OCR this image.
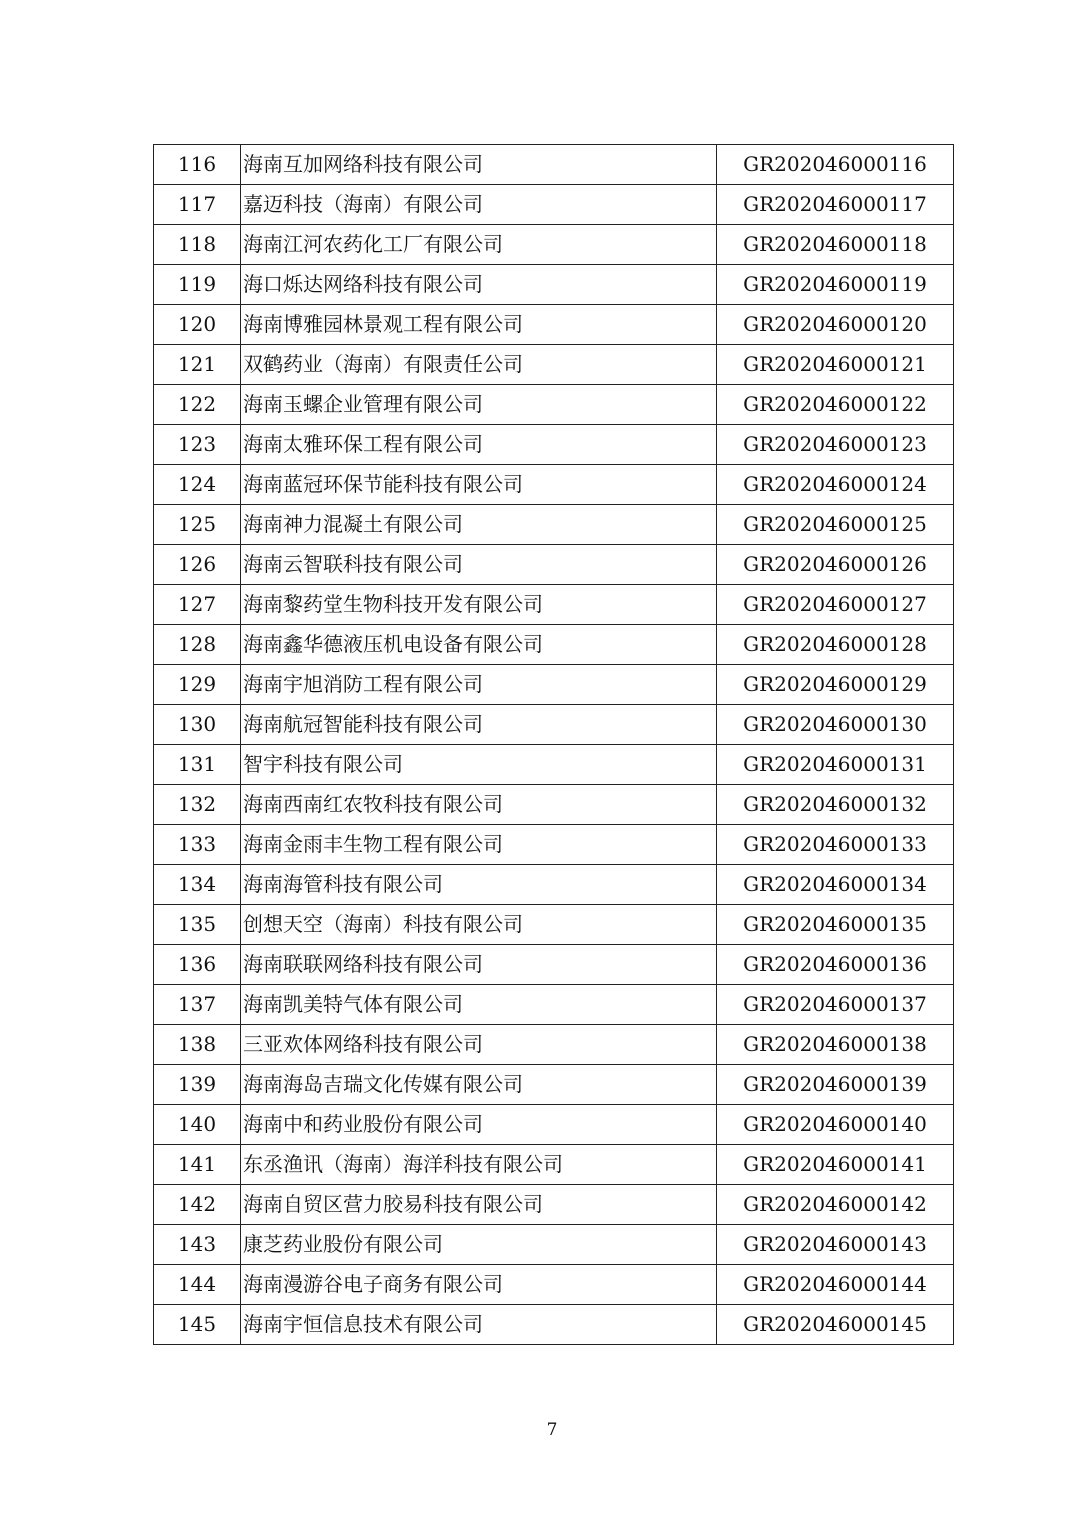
116	海南互加网络科技有限公司	GR202046000116
117	嘉迈科技（海南）有限公司	GR202046000117
118	海南江河农药化工厂有限公司	GR202046000118
119	海口烁达网络科技有限公司	GR202046000119
120	海南博雅园林景观工程有限公司	GR202046000120
121	双鹤药业（海南）有限责任公司	GR202046000121
122	海南玉螺企业管理有限公司	GR202046000122
123	海南太雅环保工程有限公司	GR202046000123
124	海南蓝冠环保节能科技有限公司	GR202046000124
125	海南神力混凝土有限公司	GR202046000125
126	海南云智联科技有限公司	GR202046000126
127	海南黎药堂生物科技开发有限公司	GR202046000127
128	海南鑫华德液压机电设备有限公司	GR202046000128
129	海南宇旭消防工程有限公司	GR202046000129
130	海南航冠智能科技有限公司	GR202046000130
131	智宇科技有限公司	GR202046000131
132	海南西南红农牧科技有限公司	GR202046000132
133	海南金雨丰生物工程有限公司	GR202046000133
134	海南海管科技有限公司	GR202046000134
135	创想天空（海南）科技有限公司	GR202046000135
136	海南联联网络科技有限公司	GR202046000136
137	海南凯美特气体有限公司	GR202046000137
138	三亚欢体网络科技有限公司	GR202046000138
139	海南海岛吉瑞文化传媒有限公司	GR202046000139
140	海南中和药业股份有限公司	GR202046000140
141	东丞渔讯（海南）海洋科技有限公司	GR202046000141
142	海南自贸区营力胶易科技有限公司	GR202046000142
143	康芝药业股份有限公司	GR202046000143
144	海南漫游谷电子商务有限公司	GR202046000144
145	海南宇恒信息技术有限公司	GR202046000145
7
